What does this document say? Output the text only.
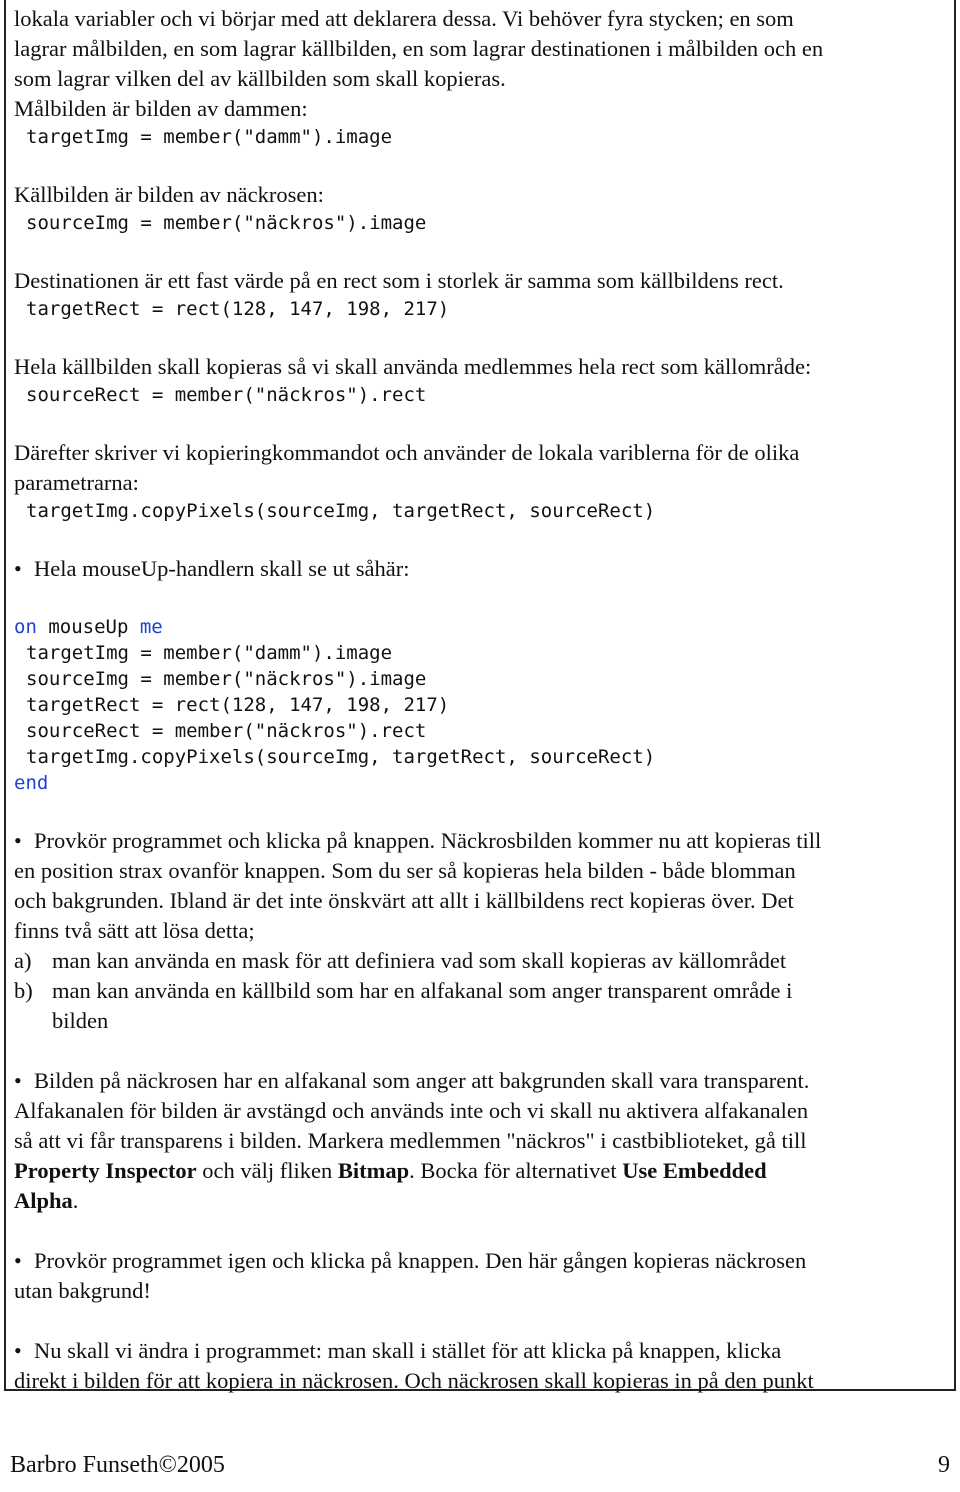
lokala variabler och vi börjar med att deklarera dessa. Vi behöver fyra stycken; en som

lagrar målbilden, en som lagrar källbilden, en som lagrar destinationen i målbilden och en

som lagrar vilken del av källbilden som skall kopieras.

Målbilden är bilden av dammen:

targetImg = member("damm").image

Källbilden är bilden av näckrosen:

sourceImg = member("näckros").image

Destinationen är ett fast värde på en rect som i storlek är samma som källbildens rect.

targetRect = rect(128, 147, 198, 217)

Hela källbilden skall kopieras så vi skall använda medlemmes hela rect som källområde:

sourceRect = member("näckros").rect

Därefter skriver vi kopieringkommandot och använder de lokala variblerna för de olika

parametrarna:

targetImg.copyPixels(sourceImg, targetRect, sourceRect)

• Hela mouseUp-handlern skall se ut såhär:

on mouseUp me

targetImg = member("damm").image

sourceImg = member("näckros").image

targetRect = rect(128, 147, 198, 217)

sourceRect = member("näckros").rect

targetImg.copyPixels(sourceImg, targetRect, sourceRect)

end

• Provkör programmet och klicka på knappen. Näckrosbilden kommer nu att kopieras till

en position strax ovanför knappen. Som du ser så kopieras hela bilden - både blomman

och bakgrunden. Ibland är det inte önskvärt att allt i källbildens rect kopieras över. Det

finns två sätt att lösa detta;

a) man kan använda en mask för att definiera vad som skall kopieras av källområdet
b) man kan använda en källbild som har en alfakanal som anger transparent område i
bilden

• Bilden på näckrosen har en alfakanal som anger att bakgrunden skall vara transparent.

Alfakanalen för bilden är avstängd och används inte och vi skall nu aktivera alfakanalen

så att vi får transparens i bilden. Markera medlemmen "näckros" i castbiblioteket, gå till

Property Inspector och välj fliken Bitmap. Bocka för alternativet Use Embedded

Alpha.

• Provkör programmet igen och klicka på knappen. Den här gången kopieras näckrosen

utan bakgrund!

• Nu skall vi ändra i programmet: man skall i stället för att klicka på knappen, klicka

direkt i bilden för att kopiera in näckrosen. Och näckrosen skall kopieras in på den punkt

Barbro Funseth©2005	9
